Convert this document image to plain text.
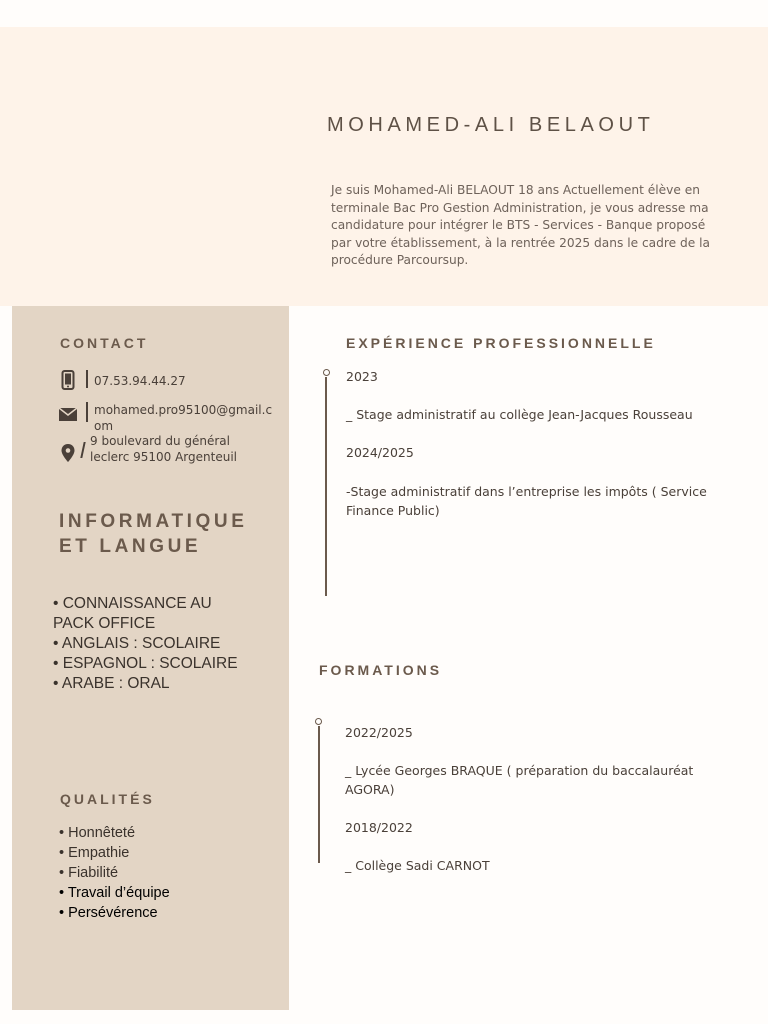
MOHAMED-ALI BELAOUT
Je suis Mohamed-Ali BELAOUT 18 ans Actuellement élève en terminale Bac Pro Gestion Administration, je vous adresse ma candidature pour intégrer le BTS - Services - Banque proposé par votre établissement, à la rentrée 2025 dans le cadre de la procédure Parcoursup.
CONTACT
07.53.94.44.27
mohamed.pro95100@gmail.c
om
9 boulevard du général
leclerc 95100 Argenteuil
INFORMATIQUE
ET LANGUE
• CONNAISSANCE AU
PACK OFFICE
• ANGLAIS : SCOLAIRE
• ESPAGNOL : SCOLAIRE
• ARABE : ORAL
QUALITÉS
• Honnêteté
• Empathie
• Fiabilité
• Travail d’équipe
• Persévérence
EXPÉRIENCE PROFESSIONNELLE
2023
_ Stage administratif au collège Jean-Jacques Rousseau
2024/2025
-Stage administratif dans l’entreprise les impôts ( Service Finance Public)
FORMATIONS
2022/2025
_ Lycée Georges BRAQUE ( préparation du baccalauréat AGORA)
2018/2022
_ Collège Sadi CARNOT
